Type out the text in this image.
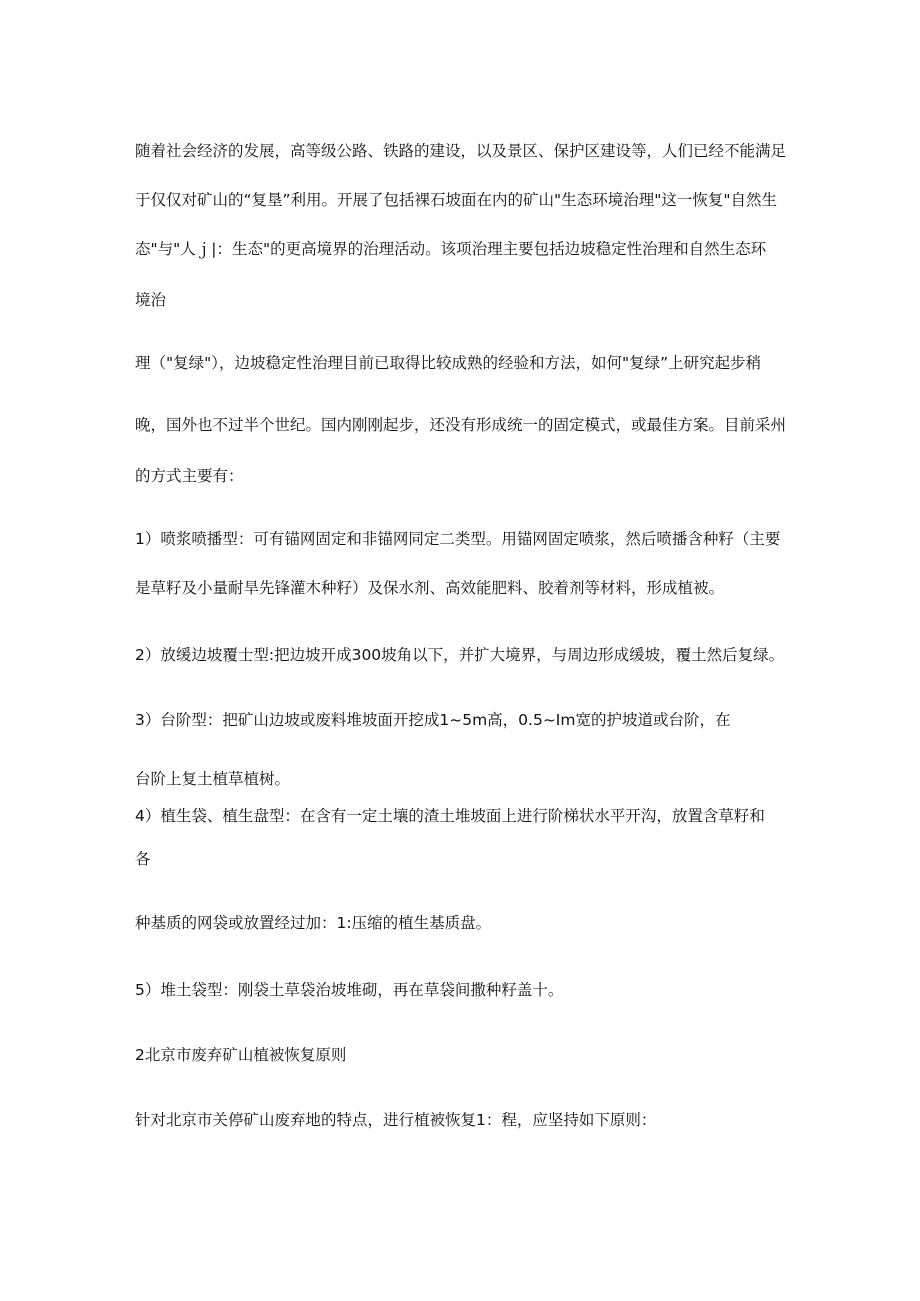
随着社会经济的发展，高等级公路、铁路的建设，以及景区、保护区建设等，人们已经不能满足

于仅仅对矿山的“复垦”利用。开展了包括裸石坡面在内的矿山"生态环境治理"这一恢复"自然生

态"与"人ｊ|：生态"的更高境界的治理活动。该项治理主要包括边坡稳定性治理和自然生态环

境治

理（"复绿"），边坡稳定性治理目前已取得比较成熟的经验和方法，如何"复绿”上研究起步稍

晚，国外也不过半个世纪。国内刚刚起步，还没有形成统一的固定模式，或最佳方案。目前采州

的方式主要有：

1）喷浆喷播型：可有锚网固定和非锚网同定二类型。用锚网固定喷浆，然后喷播含种籽（主要

是草籽及小量耐旱先锋灌木种籽）及保水剂、高效能肥料、胶着剂等材料，形成植被。

2）放缓边坡覆士型:把边坡开成300坡角以下，并扩大境界，与周边形成缓坡，覆土然后复绿。

3）台阶型：把矿山边坡或废料堆坡面开挖成1~5m高，0.5~Im宽的护坡道或台阶，在

台阶上复土植草植树。

4）植生袋、植生盘型：在含有一定土壤的渣土堆坡面上进行阶梯状水平开沟，放置含草籽和

各

种基质的网袋或放置经过加：1:压缩的植生基质盘。

5）堆土袋型：刚袋土草袋治坡堆砌，再在草袋间撒种籽盖十。

2北京市废弃矿山植被恢复原则

针对北京市关停矿山废弃地的特点，进行植被恢复1：程，应坚持如下原则：
